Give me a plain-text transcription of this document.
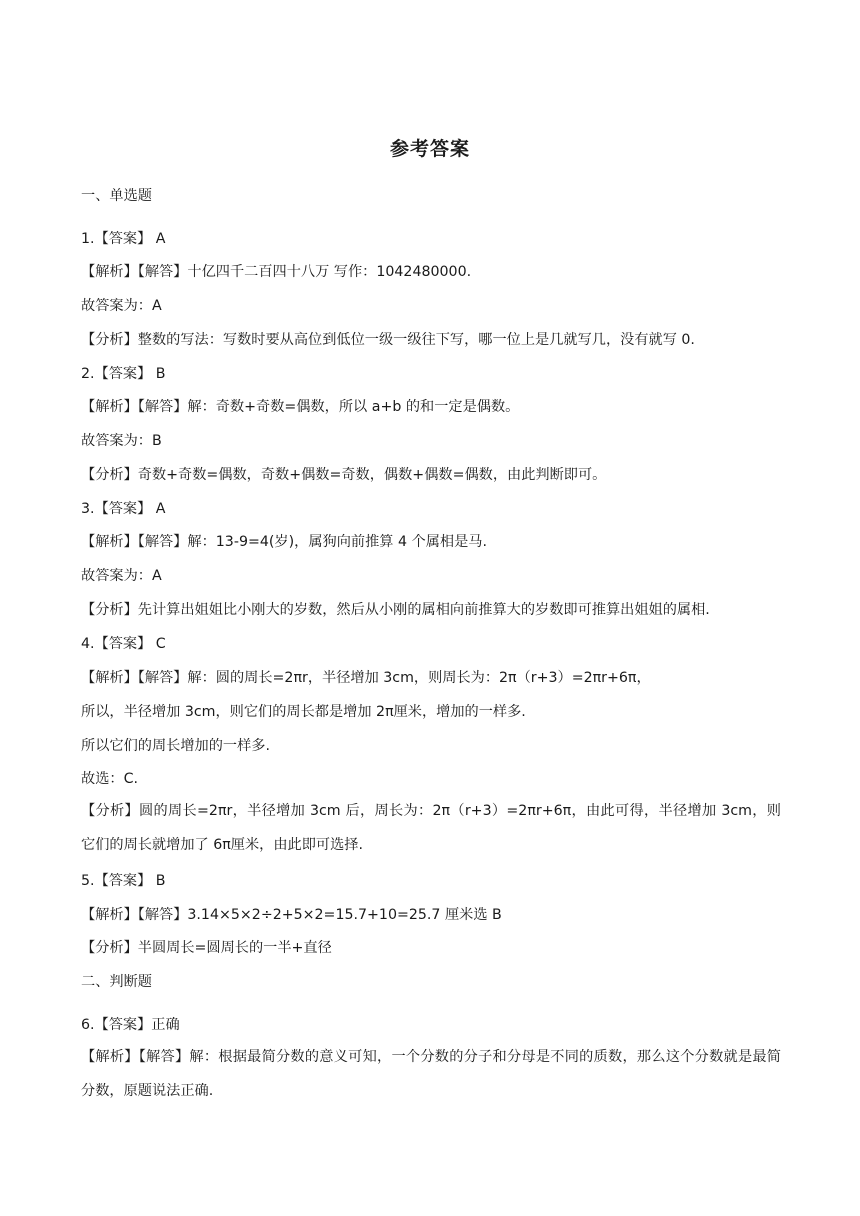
参考答案
一、单选题
1.【答案】 A
【解析】【解答】十亿四千二百四十八万 写作：1042480000.
故答案为：A
【分析】整数的写法：写数时要从高位到低位一级一级往下写，哪一位上是几就写几，没有就写 0.
2.【答案】 B
【解析】【解答】解：奇数+奇数=偶数，所以 a+b 的和一定是偶数。
故答案为：B
【分析】奇数+奇数=偶数，奇数+偶数=奇数，偶数+偶数=偶数，由此判断即可。
3.【答案】 A
【解析】【解答】解：13-9=4(岁)，属狗向前推算 4 个属相是马.
故答案为：A
【分析】先计算出姐姐比小刚大的岁数，然后从小刚的属相向前推算大的岁数即可推算出姐姐的属相.
4.【答案】 C
【解析】【解答】解：圆的周长=2πr，半径增加 3cm，则周长为：2π（r+3）=2πr+6π，
所以，半径增加 3cm，则它们的周长都是增加 2π厘米，增加的一样多.
所以它们的周长增加的一样多.
故选：C.
【分析】圆的周长=2πr，半径增加 3cm 后，周长为：2π（r+3）=2πr+6π，由此可得，半径增加 3cm，则它们的周长就增加了 6π厘米，由此即可选择.
5.【答案】 B
【解析】【解答】3.14×5×2÷2+5×2=15.7+10=25.7 厘米选 B
【分析】半圆周长=圆周长的一半+直径
二、判断题
6.【答案】正确
【解析】【解答】解：根据最简分数的意义可知，一个分数的分子和分母是不同的质数，那么这个分数就是最简分数，原题说法正确.
